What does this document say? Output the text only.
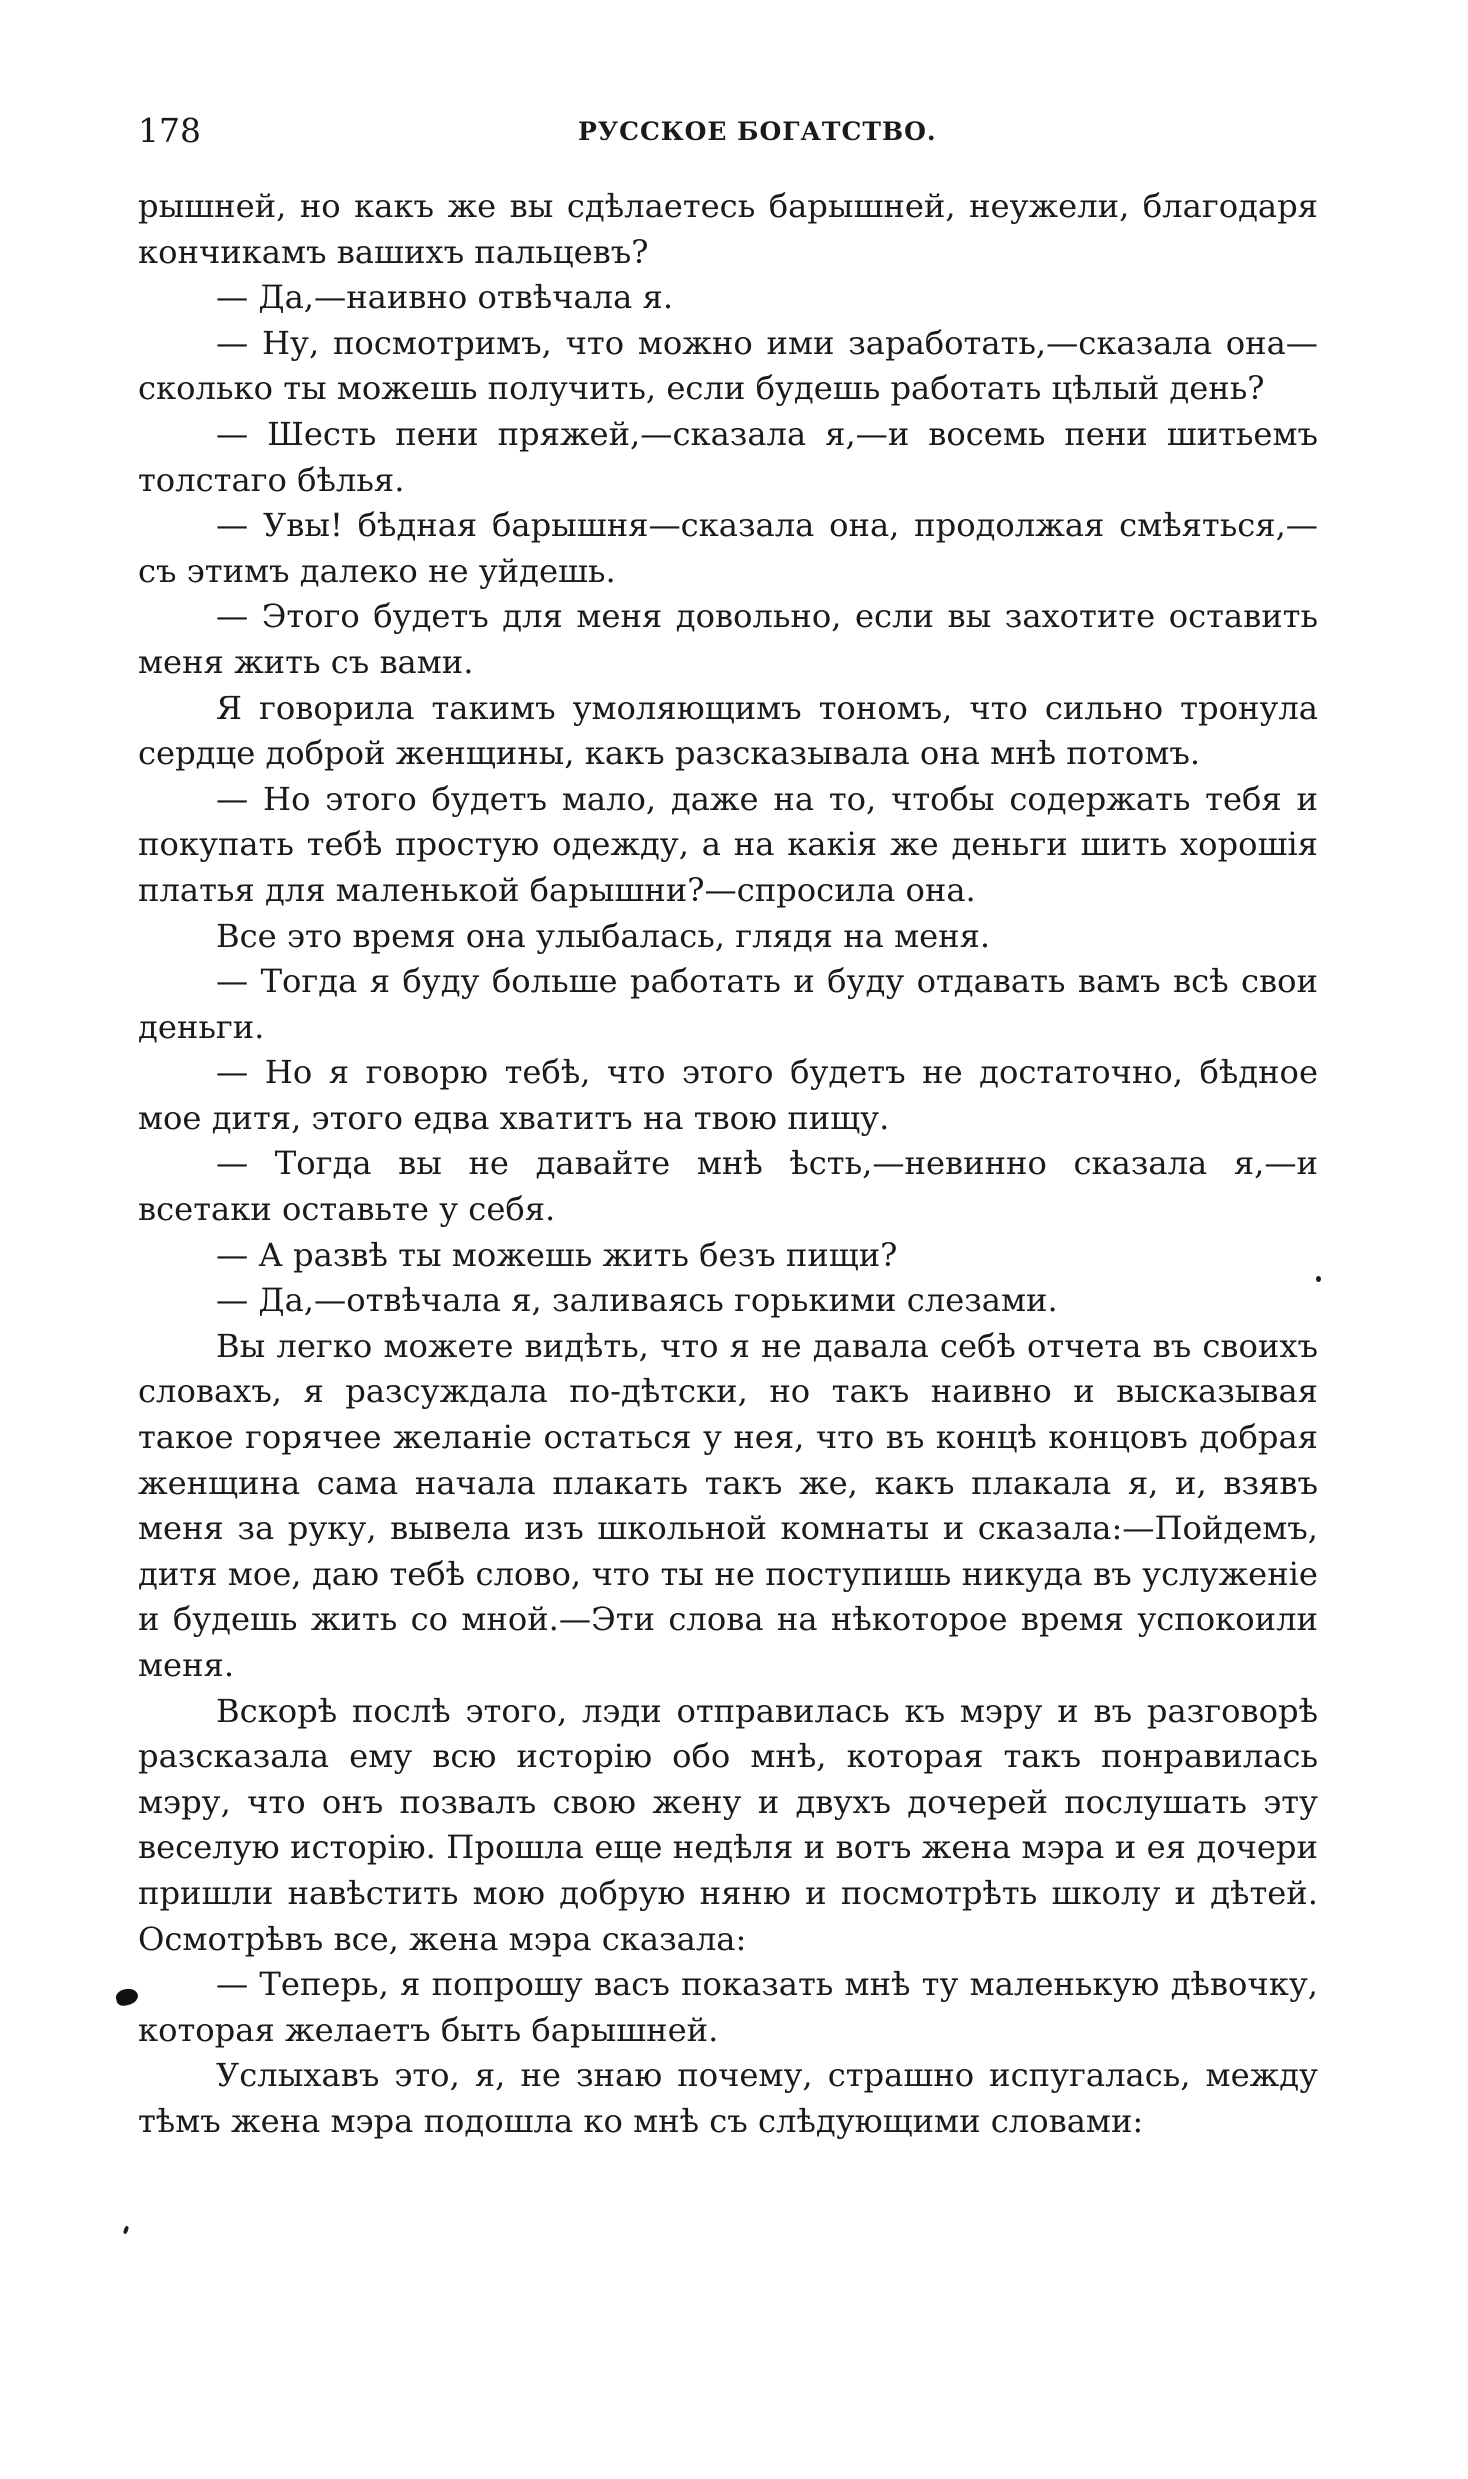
178	РУССКОЕ БОГАТСТВО.

рышней, но какъ же вы сдѣлаетесь барышней, неужели, благодаря кончикамъ вашихъ пальцевъ?

— Да,—наивно отвѣчала я.

— Ну, посмотримъ, что можно ими заработать,—сказала она—сколько ты можешь получить, если будешь работать цѣлый день?

— Шесть пени пряжей,—сказала я,—и восемь пени шитьемъ толстаго бѣлья.

— Увы! бѣдная барышня—сказала она, продолжая смѣяться,—съ этимъ далеко не уйдешь.

— Этого будетъ для меня довольно, если вы захотите оставить меня жить съ вами.

Я говорила такимъ умоляющимъ тономъ, что сильно тронула сердце доброй женщины, какъ разсказывала она мнѣ потомъ.

— Но этого будетъ мало, даже на то, чтобы содержать тебя и покупать тебѣ простую одежду, а на какія же деньги шить хорошія платья для маленькой барышни?—спросила она.

Все это время она улыбалась, глядя на меня.

— Тогда я буду больше работать и буду отдавать вамъ всѣ свои деньги.

— Но я говорю тебѣ, что этого будетъ не достаточно, бѣдное мое дитя, этого едва хватитъ на твою пищу.

— Тогда вы не давайте мнѣ ѣсть,—невинно сказала я,—и всетаки оставьте у себя.

— А развѣ ты можешь жить безъ пищи?

— Да,—отвѣчала я, заливаясь горькими слезами.

Вы легко можете видѣть, что я не давала себѣ отчета въ своихъ словахъ, я разсуждала по-дѣтски, но такъ наивно и высказывая такое горячее желаніе остаться у нея, что въ концѣ концовъ добрая женщина сама начала плакать такъ же, какъ плакала я, и, взявъ меня за руку, вывела изъ школьной комнаты и сказала:—Пойдемъ, дитя мое, даю тебѣ слово, что ты не поступишь никуда въ услуженіе и будешь жить со мной.—Эти слова на нѣкоторое время успокоили меня.

Вскорѣ послѣ этого, лэди отправилась къ мэру и въ разговорѣ разсказала ему всю исторію обо мнѣ, которая такъ понравилась мэру, что онъ позвалъ свою жену и двухъ дочерей послушать эту веселую исторію. Прошла еще недѣля и вотъ жена мэра и ея дочери пришли навѣстить мою добрую няню и посмотрѣть школу и дѣтей. Осмотрѣвъ все, жена мэра сказала:

— Теперь, я попрошу васъ показать мнѣ ту маленькую дѣвочку, которая желаетъ быть барышней.

Услыхавъ это, я, не знаю почему, страшно испугалась, между тѣмъ жена мэра подошла ко мнѣ съ слѣдующими словами:
